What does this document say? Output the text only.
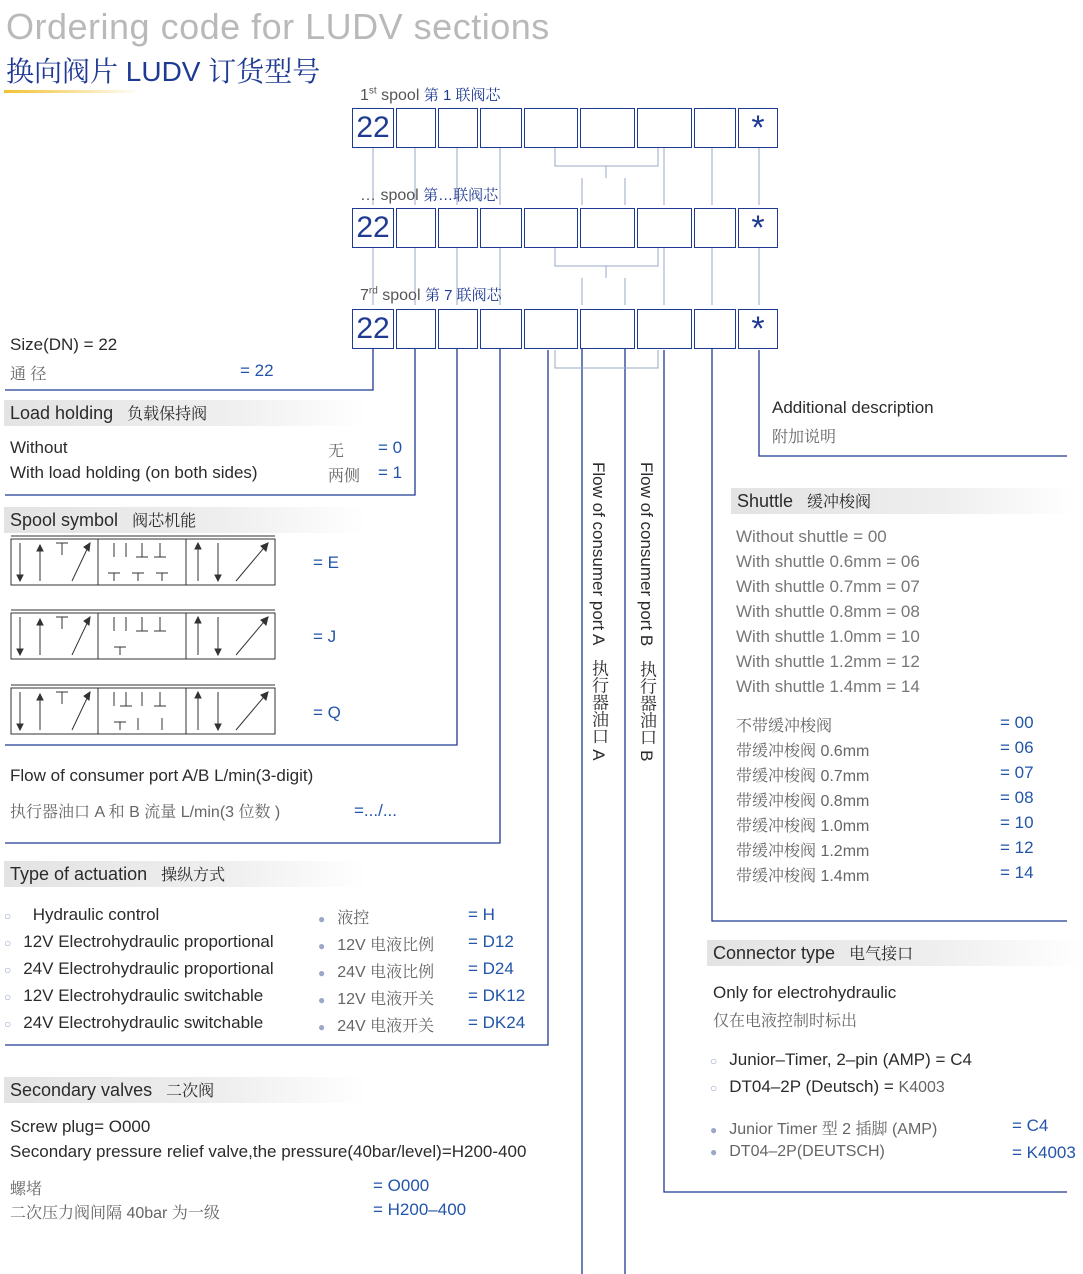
Ordering code for LUDV sections
换向阀片 LUDV 订货型号
1st spool 第 1 联阀芯
… spool 第…联阀芯
7rd spool 第 7 联阀芯
22	*
22	*
22	*
Size(DN) = 22
通 径	= 22
Load holding 负载保持阀
Without	无 = 0
With load holding (on both sides)	两侧 = 1
Spool symbol 阀芯机能
= E
= J
= Q
Flow of consumer port A/B L/min(3-digit)
执行器油口 A 和 B 流量 L/min(3 位数 )	=.../...
Flow of consumer port A   执行器油口 A
Flow of consumer port B   执行器油口 B
Type of actuation 操纵方式
○ Hydraulic control	● 液控	= H
○ 12V Electrohydraulic proportional	● 12V 电液比例 = D12
○ 24V Electrohydraulic proportional	● 24V 电液比例 = D24
○ 12V Electrohydraulic switchable	● 12V 电液开关 = DK12
○ 24V Electrohydraulic switchable	● 24V 电液开关 = DK24
Secondary valves 二次阀
Screw plug= O000
Secondary pressure relief valve,the pressure(40bar/level)=H200-400
螺堵	= O000
二次压力阀间隔 40bar 为一级	= H200–400
Additional description
附加说明
Shuttle 缓冲梭阀
Without shuttle = 00
With shuttle 0.6mm = 06
With shuttle 0.7mm = 07
With shuttle 0.8mm = 08
With shuttle 1.0mm = 10
With shuttle 1.2mm = 12
With shuttle 1.4mm = 14
不带缓冲梭阀	= 00
带缓冲梭阀 0.6mm	= 06
带缓冲梭阀 0.7mm	= 07
带缓冲梭阀 0.8mm	= 08
带缓冲梭阀 1.0mm	= 10
带缓冲梭阀 1.2mm	= 12
带缓冲梭阀 1.4mm	= 14
Connector type 电气接口
Only for electrohydraulic
仅在电液控制时标出
○ Junior–Timer, 2–pin (AMP) = C4
○ DT04–2P (Deutsch) = K4003
● Junior Timer 型 2 插脚 (AMP)	= C4
● DT04–2P(DEUTSCH)	= K4003
